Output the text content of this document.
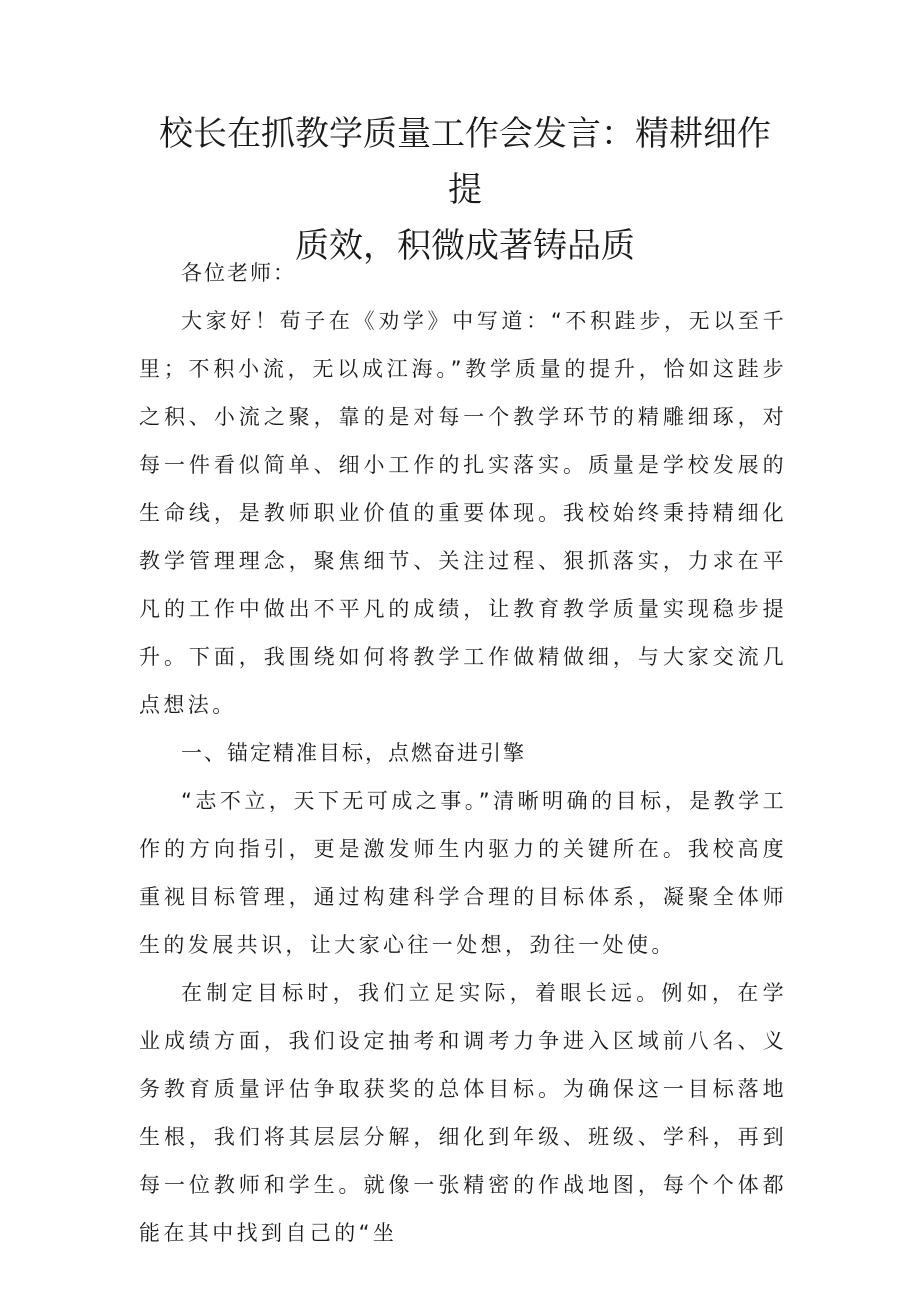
校长在抓教学质量工作会发言：精耕细作提
质效，积微成著铸品质

各位老师：

大家好！荀子在《劝学》中写道：“不积跬步，无以至千里；不积小流，无以成江海。”教学质量的提升，恰如这跬步之积、小流之聚，靠的是对每一个教学环节的精雕细琢，对每一件看似简单、细小工作的扎实落实。质量是学校发展的生命线，是教师职业价值的重要体现。我校始终秉持精细化教学管理理念，聚焦细节、关注过程、狠抓落实，力求在平凡的工作中做出不平凡的成绩，让教育教学质量实现稳步提升。下面，我围绕如何将教学工作做精做细，与大家交流几点想法。

一、锚定精准目标，点燃奋进引擎

“志不立，天下无可成之事。”清晰明确的目标，是教学工作的方向指引，更是激发师生内驱力的关键所在。我校高度重视目标管理，通过构建科学合理的目标体系，凝聚全体师生的发展共识，让大家心往一处想，劲往一处使。

在制定目标时，我们立足实际，着眼长远。例如，在学业成绩方面，我们设定抽考和调考力争进入区域前八名、义务教育质量评估争取获奖的总体目标。为确保这一目标落地生根，我们将其层层分解，细化到年级、班级、学科，再到每一位教师和学生。就像一张精密的作战地图，每个个体都能在其中找到自己的“坐
